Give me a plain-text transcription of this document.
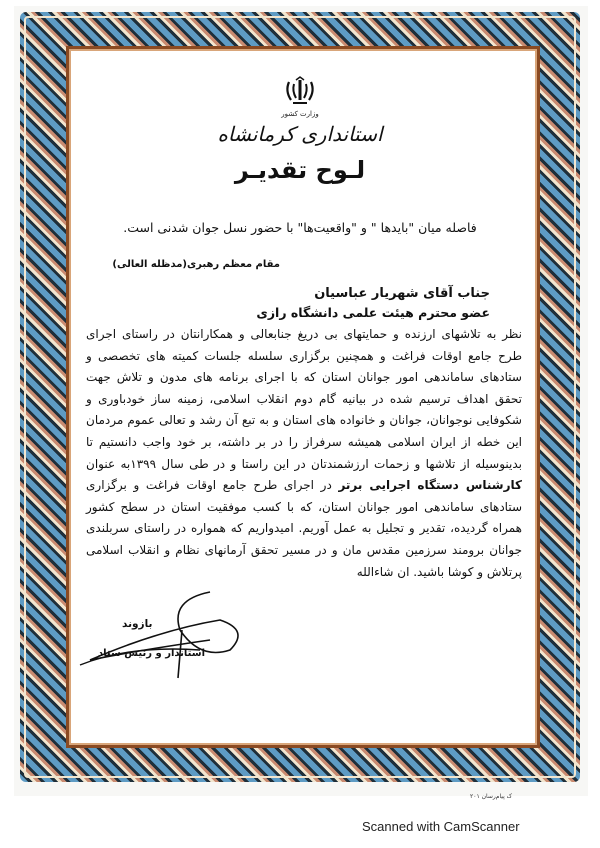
وزارت کشور
استانداری کرمانشاه
لـوح تقديـر
فاصله میان "بایدها " و "واقعیت‌ها" با حضور نسل جوان شدنی است.
مقام معظم رهبری(مدظله العالی)
جناب آقای شهریار عباسیان
عضو محترم هیئت علمی دانشگاه رازی
نظر به تلاشهای ارزنده و حمایتهای بی دریغ جنابعالی و همکارانتان در راستای اجرای طرح جامع اوقات فراغت و همچنین برگزاری سلسله جلسات کمیته های تخصصی و ستادهای ساماندهی امور جوانان استان که با اجرای برنامه های مدون و تلاش جهت تحقق اهداف ترسیم شده در بیانیه گام دوم انقلاب اسلامی، زمینه ساز خودباوری و شکوفایی نوجوانان، جوانان و خانواده های استان و به تبع آن رشد و تعالی عموم مردمان این خطه از ایران اسلامی همیشه سرفراز را در بر داشته، بر خود واجب دانستیم تا بدینوسیله از تلاشها و زحمات ارزشمندتان در این راستا و در طی سال ۱۳۹۹به عنوان کارشناس دستگاه اجرایی برتر در اجرای طرح جامع اوقات فراغت و برگزاری ستادهای ساماندهی امور جوانان استان، که با کسب موفقیت استان در سطح کشور همراه گردیده، تقدیر و تجلیل به عمل آوریم. امیدواریم که همواره در راستای سربلندی جوانان برومند سرزمین مقدس مان و در مسیر تحقق آرمانهای نظام و انقلاب اسلامی پرتلاش و کوشا باشید. ان شاءالله
بازوند
استاندار و رئیس ستاد
۲۰۱ ک پیام‌رسان
Scanned with CamScanner
